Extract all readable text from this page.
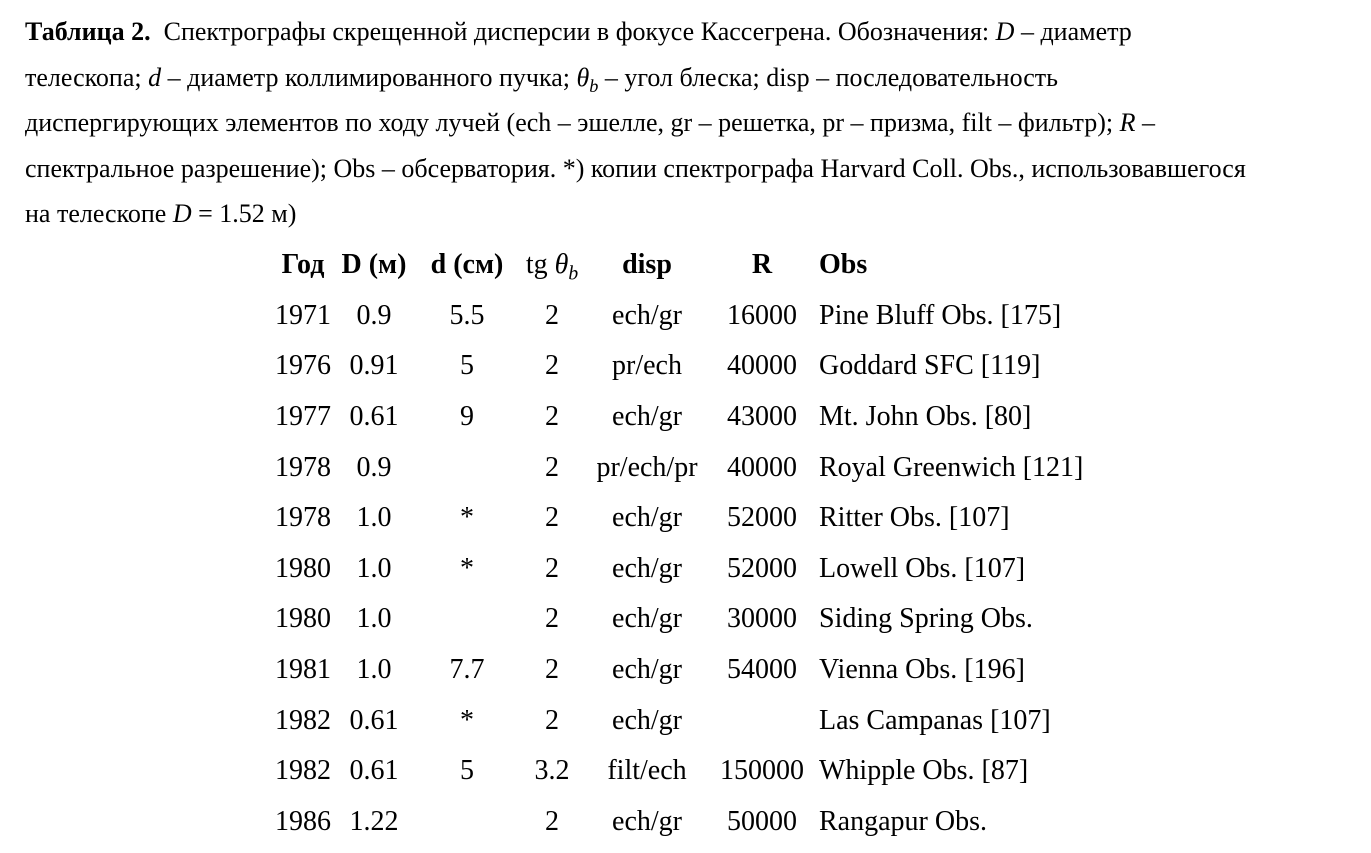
Таблица 2. Спектрографы скрещенной дисперсии в фокусе Кассегрена. Обозначения: D – диаметр
телескопа; d – диаметр коллимированного пучка; $\theta_b$ – угол блеска; disp – последовательность
диспергирующих элементов по ходу лучей (ech – эшелле, gr – решетка, pr – призма, filt – фильтр); R –
спектральное разрешение); Obs – обсерватория. *) копии спектрографа Harvard Coll. Obs., использовавшегося
на телескопе D = 1.52 м)
Год	D (м)	d (см)	tg $\theta_b$	disp	R	Obs
1971	0.9	5.5	2	ech/gr	16000	Pine Bluff Obs. [175]
1976	0.91	5	2	pr/ech	40000	Goddard SFC [119]
1977	0.61	9	2	ech/gr	43000	Mt. John Obs. [80]
1978	0.9		2	pr/ech/pr	40000	Royal Greenwich [121]
1978	1.0	*	2	ech/gr	52000	Ritter Obs. [107]
1980	1.0	*	2	ech/gr	52000	Lowell Obs. [107]
1980	1.0		2	ech/gr	30000	Siding Spring Obs.
1981	1.0	7.7	2	ech/gr	54000	Vienna Obs. [196]
1982	0.61	*	2	ech/gr		Las Campanas [107]
1982	0.61	5	3.2	filt/ech	150000	Whipple Obs. [87]
1986	1.22		2	ech/gr	50000	Rangapur Obs.
